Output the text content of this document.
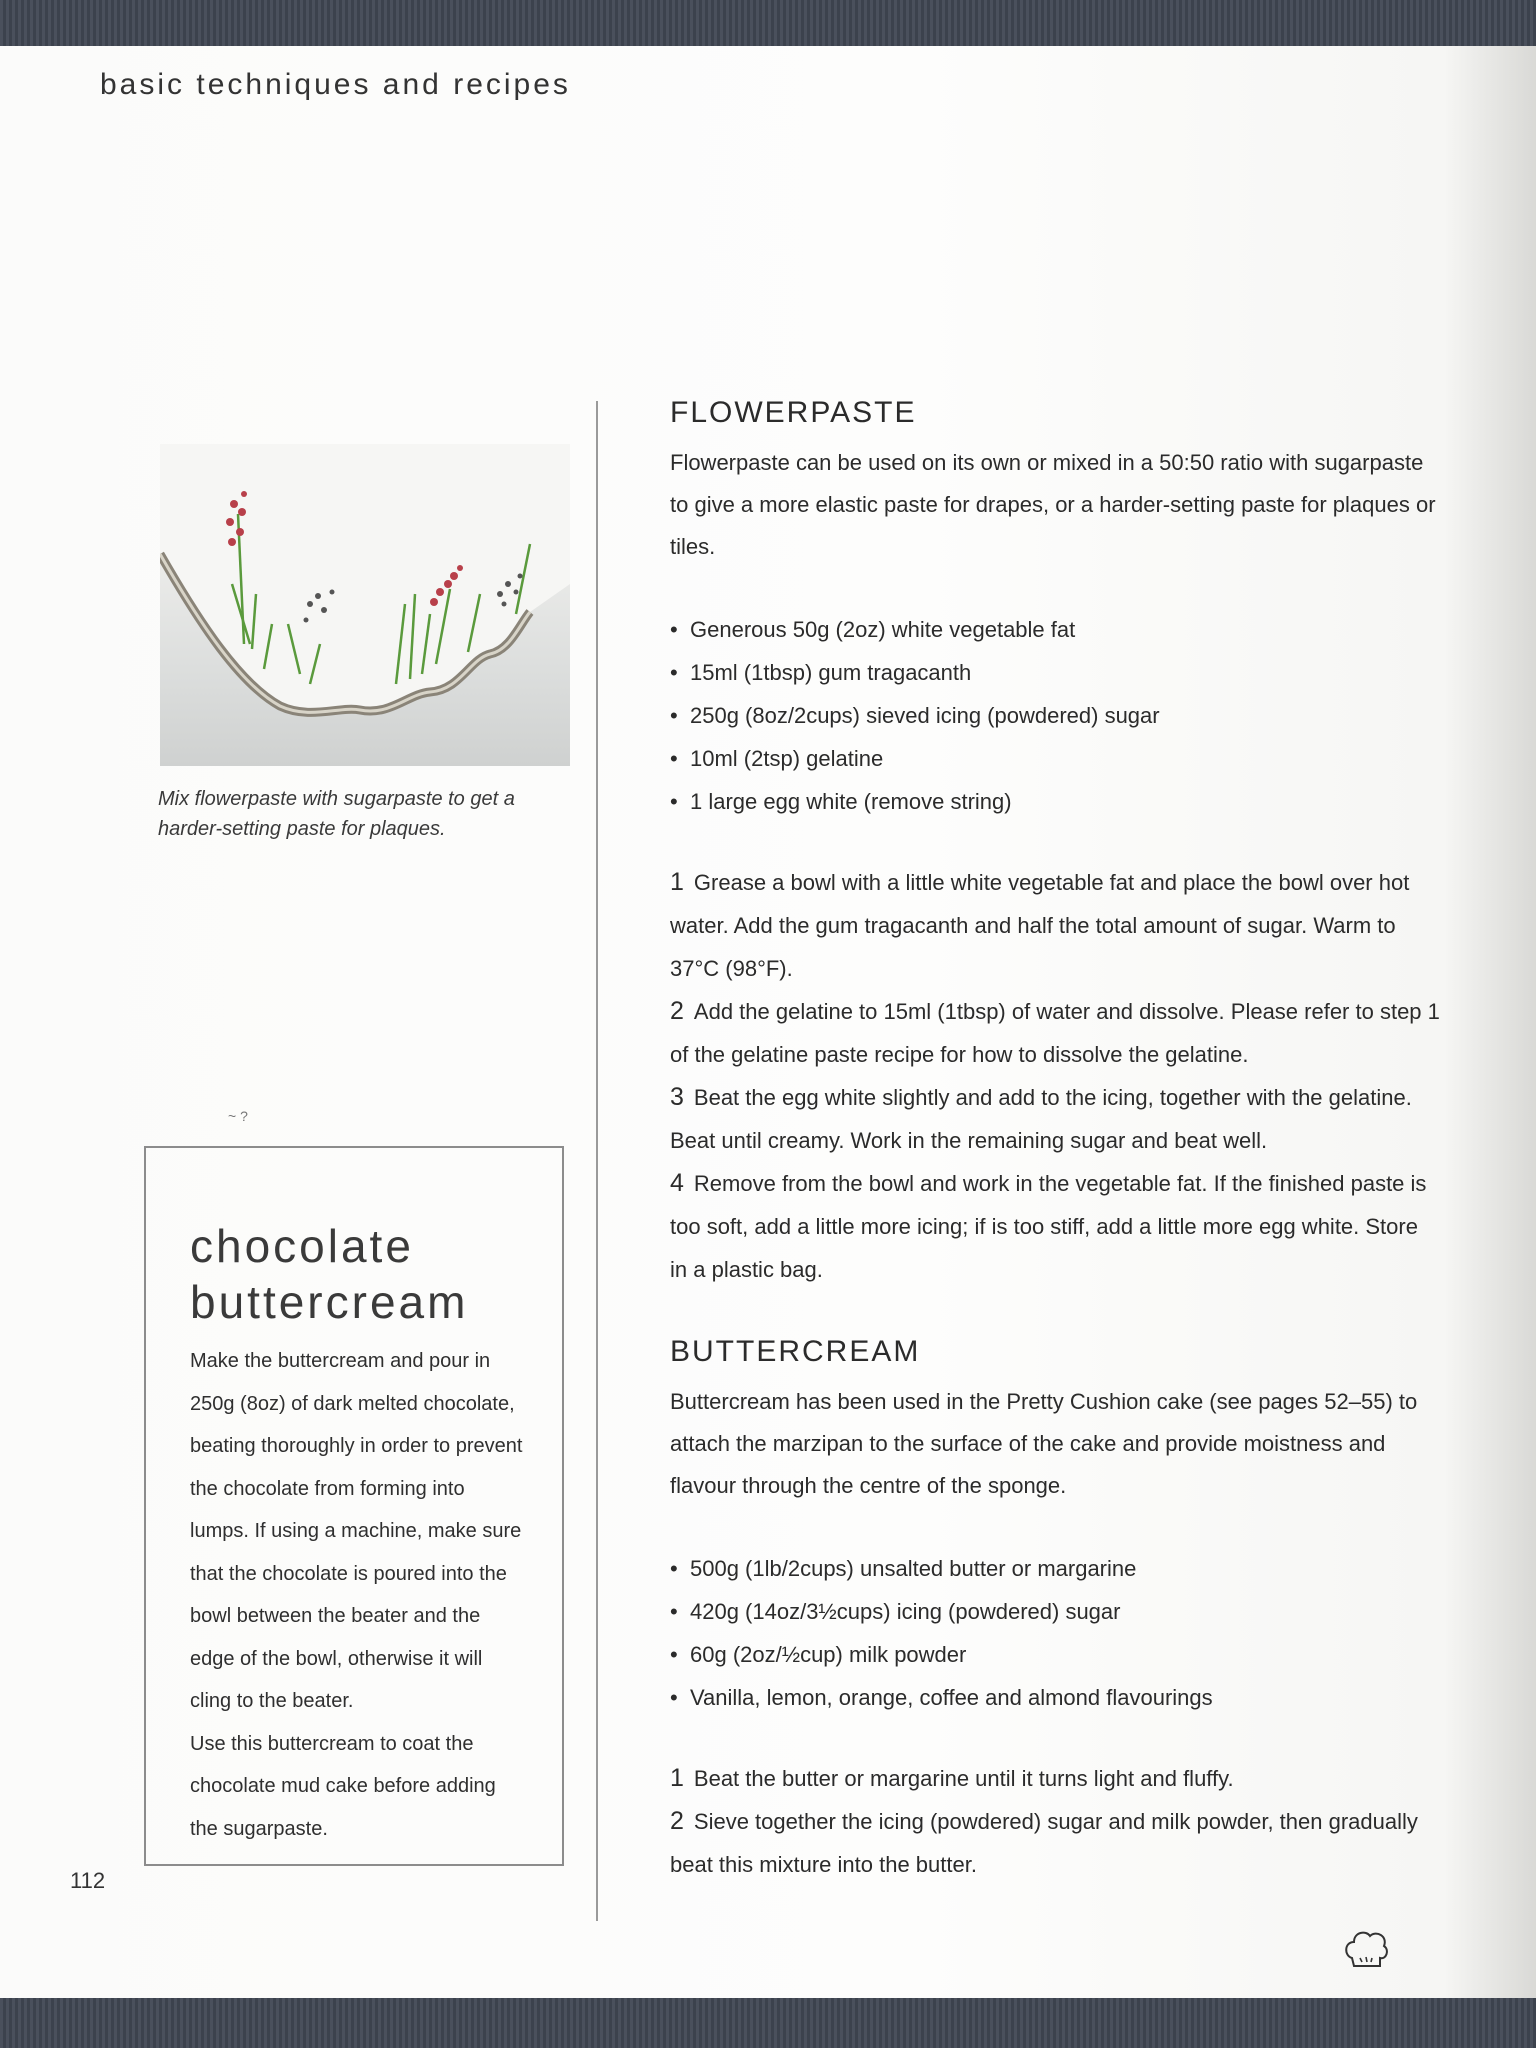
basic techniques and recipes
Mix flowerpaste with sugarpaste to get a harder-setting paste for plaques.
~ ?
chocolate
buttercream

Make the buttercream and pour in 250g (8oz) of dark melted chocolate, beating thoroughly in order to prevent the chocolate from forming into lumps. If using a machine, make sure that the chocolate is poured into the bowl between the beater and the edge of the bowl, otherwise it will cling to the beater.

Use this buttercream to coat the chocolate mud cake before adding the sugarpaste.

FLOWERPASTE

Flowerpaste can be used on its own or mixed in a 50:50 ratio with sugarpaste to give a more elastic paste for drapes, or a harder-setting paste for plaques or tiles.

• Generous 50g (2oz) white vegetable fat
• 15ml (1tbsp) gum tragacanth
• 250g (8oz/2cups) sieved icing (powdered) sugar
• 10ml (2tsp) gelatine
• 1 large egg white (remove string)

1 Grease a bowl with a little white vegetable fat and place the bowl over hot water. Add the gum tragacanth and half the total amount of sugar. Warm to 37°C (98°F).

2 Add the gelatine to 15ml (1tbsp) of water and dissolve. Please refer to step 1 of the gelatine paste recipe for how to dissolve the gelatine.

3 Beat the egg white slightly and add to the icing, together with the gelatine. Beat until creamy. Work in the remaining sugar and beat well.

4 Remove from the bowl and work in the vegetable fat. If the finished paste is too soft, add a little more icing; if is too stiff, add a little more egg white. Store in a plastic bag.

BUTTERCREAM

Buttercream has been used in the Pretty Cushion cake (see pages 52–55) to attach the marzipan to the surface of the cake and provide moistness and flavour through the centre of the sponge.

• 500g (1lb/2cups) unsalted butter or margarine
• 420g (14oz/3½cups) icing (powdered) sugar
• 60g (2oz/½cup) milk powder
• Vanilla, lemon, orange, coffee and almond flavourings

1 Beat the butter or margarine until it turns light and fluffy.

2 Sieve together the icing (powdered) sugar and milk powder, then gradually beat this mixture into the butter.

112
